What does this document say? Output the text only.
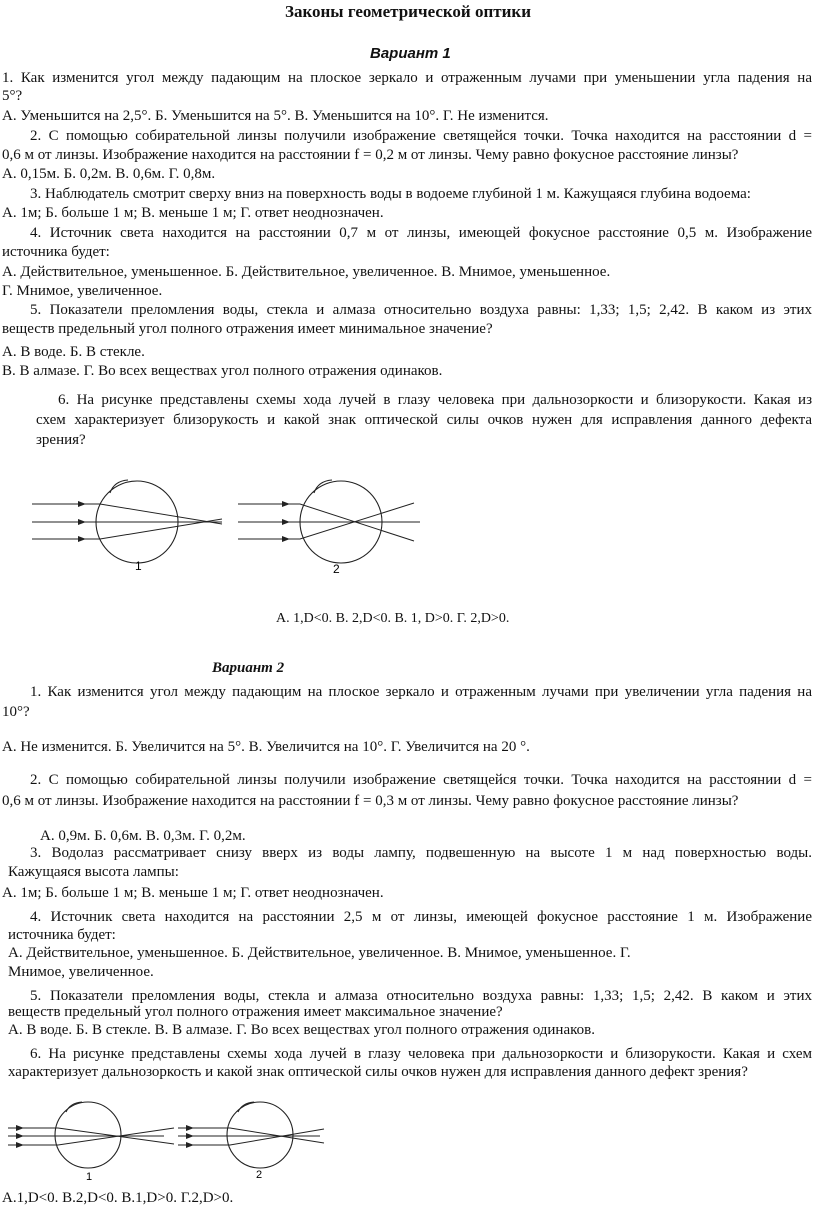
Законы геометрической оптики
Вариант 1
1. Как изменится угол между падающим на плоское зеркало и отраженным лучами при уменьшении угла падения на
5°?
А. Уменьшится на 2,5°. Б. Уменьшится на 5°. В. Уменьшится на 10°. Г. Не изменится.
2. С помощью собирательной линзы получили изображение светящейся точки. Точка находится на расстоянии d =
0,6 м от линзы. Изображение находится на расстоянии f = 0,2 м от линзы. Чему равно фокусное расстояние линзы?
А. 0,15м. Б. 0,2м. В. 0,6м. Г. 0,8м.
3. Наблюдатель смотрит сверху вниз на поверхность воды в водоеме глубиной 1 м. Кажущаяся глубина водоема:
А. 1м; Б. больше 1 м; В. меньше 1 м; Г. ответ неоднозначен.
4. Источник света находится на расстоянии 0,7 м от линзы, имеющей фокусное расстояние 0,5 м. Изображение
источника будет:
А. Действительное, уменьшенное. Б. Действительное, увеличенное. В. Мнимое, уменьшенное.
Г. Мнимое, увеличенное.
5. Показатели преломления воды, стекла и алмаза относительно воздуха равны: 1,33; 1,5; 2,42. В каком из этих
веществ предельный угол полного отражения имеет минимальное значение?
А. В воде. Б. В стекле.
В. В алмазе. Г. Во всех веществах угол полного отражения одинаков.
6. На рисунке представлены схемы хода лучей в глазу человека при дальнозоркости и близорукости. Какая из
схем характеризует близорукость и какой знак оптической силы очков нужен для исправления данного дефекта
зрения?
1	2
А. 1,D<0. В. 2,D<0. В. 1, D>0. Г. 2,D>0.
Вариант 2
1. Как изменится угол между падающим на плоское зеркало и отраженным лучами при увеличении угла падения на
10°?
А. Не изменится. Б. Увеличится на 5°. В. Увеличится на 10°. Г. Увеличится на 20 °.
2. С помощью собирательной линзы получили изображение светящейся точки. Точка находится на расстоянии d =
0,6 м от линзы. Изображение находится на расстоянии f = 0,3 м от линзы. Чему равно фокусное расстояние линзы?
А. 0,9м. Б. 0,6м. В. 0,3м. Г. 0,2м.
3. Водолаз рассматривает снизу вверх из воды лампу, подвешенную на высоте 1 м над поверхностью воды.
Кажущаяся высота лампы:
А. 1м; Б. больше 1 м; В. меньше 1 м; Г. ответ неоднозначен.
4. Источник света находится на расстоянии 2,5 м от линзы, имеющей фокусное расстояние 1 м. Изображение
источника будет:
А. Действительное, уменьшенное. Б. Действительное, увеличенное. В. Мнимое, уменьшенное. Г.
Мнимое, увеличенное.
5. Показатели преломления воды, стекла и алмаза относительно воздуха равны: 1,33; 1,5; 2,42. В каком и этих
веществ предельный угол полного отражения имеет максимальное значение?
А. В воде. Б. В стекле. В. В алмазе. Г. Во всех веществах угол полного отражения одинаков.
6. На рисунке представлены схемы хода лучей в глазу человека при дальнозоркости и близорукости. Какая и схем
характеризует дальнозоркость и какой знак оптической силы очков нужен для исправления данного дефект зрения?
1	2
А.1,D<0. В.2,D<0. В.1,D>0. Г.2,D>0.
